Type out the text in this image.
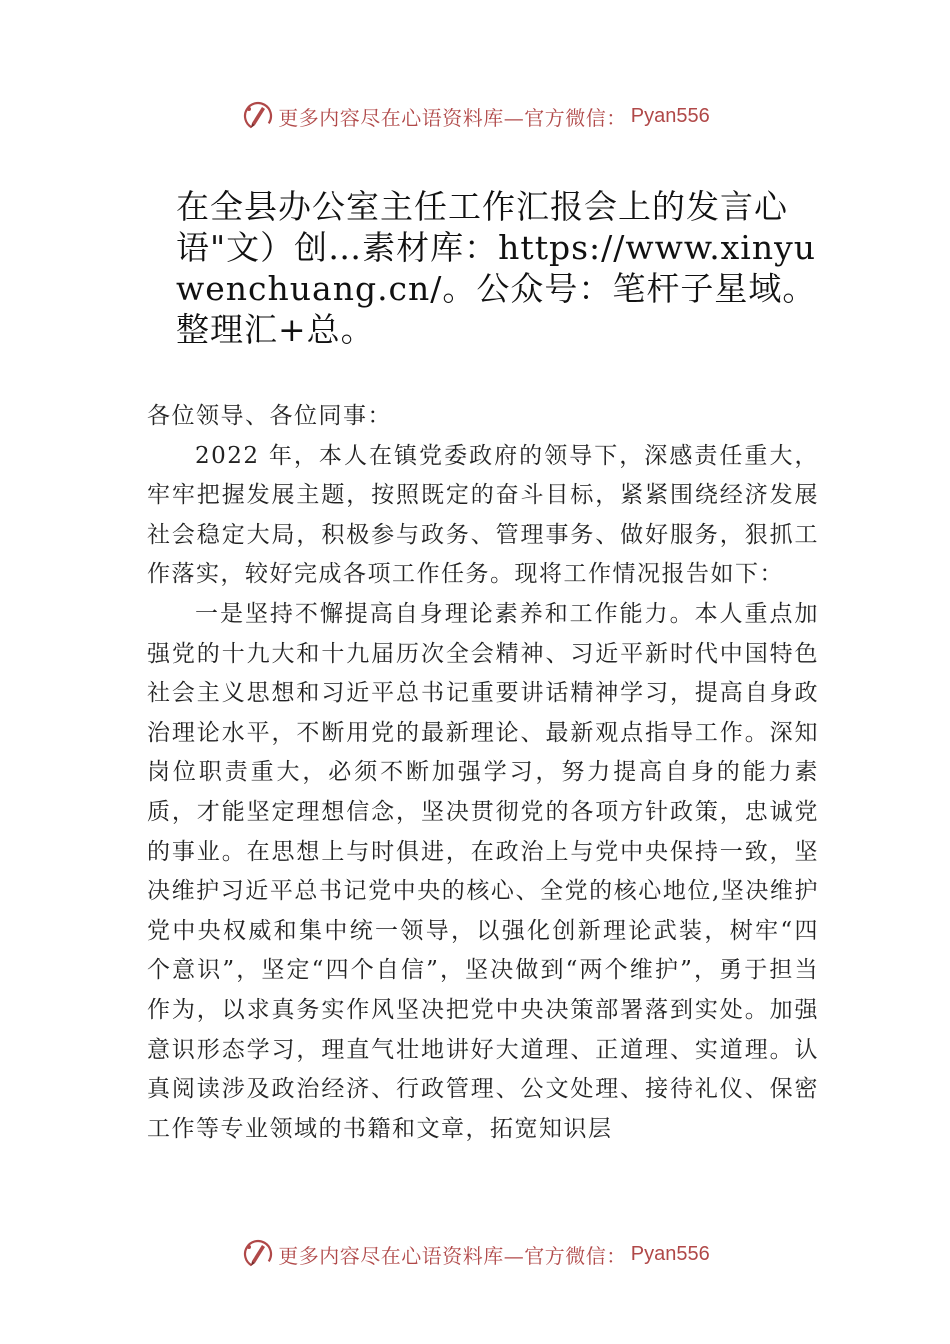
更多内容尽在心语资料库—官方微信： Pyan556
在全县办公室主任工作汇报会上的发言心语"文）创…素材库：https://www.xinyuwenchuang.cn/。公众号：笔杆子星域。整理汇+总。

各位领导、各位同事：

2022 年，本人在镇党委政府的领导下，深感责任重大，牢牢把握发展主题，按照既定的奋斗目标，紧紧围绕经济发展社会稳定大局，积极参与政务、管理事务、做好服务，狠抓工作落实，较好完成各项工作任务。现将工作情况报告如下：

一是坚持不懈提高自身理论素养和工作能力。本人重点加强党的十九大和十九届历次全会精神、习近平新时代中国特色社会主义思想和习近平总书记重要讲话精神学习，提高自身政治理论水平，不断用党的最新理论、最新观点指导工作。深知岗位职责重大，必须不断加强学习，努力提高自身的能力素质，才能坚定理想信念，坚决贯彻党的各项方针政策，忠诚党的事业。在思想上与时俱进，在政治上与党中央保持一致，坚决维护习近平总书记党中央的核心、全党的核心地位,坚决维护党中央权威和集中统一领导，以强化创新理论武装，树牢“四个意识”，坚定“四个自信”，坚决做到“两个维护”，勇于担当作为，以求真务实作风坚决把党中央决策部署落到实处。加强意识形态学习，理直气壮地讲好大道理、正道理、实道理。认真阅读涉及政治经济、行政管理、公文处理、接待礼仪、保密工作等专业领域的书籍和文章，拓宽知识层

更多内容尽在心语资料库—官方微信： Pyan556
